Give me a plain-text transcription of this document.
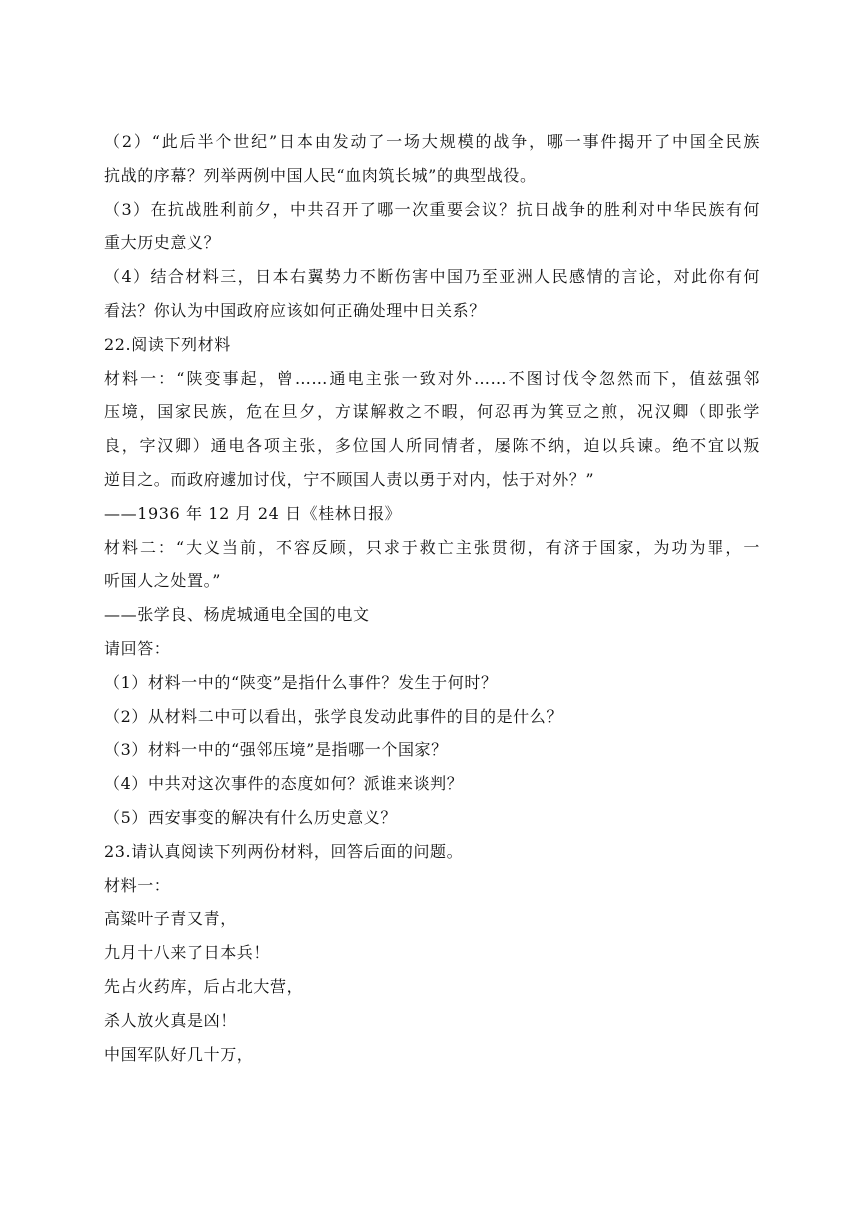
（2）“此后半个世纪”日本由发动了一场大规模的战争，哪一事件揭开了中国全民族
抗战的序幕？列举两例中国人民“血肉筑长城”的典型战役。
（3）在抗战胜利前夕，中共召开了哪一次重要会议？抗日战争的胜利对中华民族有何
重大历史意义？
（4）结合材料三，日本右翼势力不断伤害中国乃至亚洲人民感情的言论，对此你有何
看法？你认为中国政府应该如何正确处理中日关系？
22.阅读下列材料
材料一：“陕变事起，曾……通电主张一致对外……不图讨伐令忽然而下，值兹强邻
压境，国家民族，危在旦夕，方谋解救之不暇，何忍再为箕豆之煎，况汉卿（即张学
良，字汉卿）通电各项主张，多位国人所同情者，屡陈不纳，迫以兵谏。绝不宜以叛
逆目之。而政府遽加讨伐，宁不顾国人责以勇于对内，怯于对外？”
——1936 年 12 月 24 日《桂林日报》
材料二：“大义当前，不容反顾，只求于救亡主张贯彻，有济于国家，为功为罪，一
听国人之处置。”
——张学良、杨虎城通电全国的电文
请回答：
（1）材料一中的“陕变”是指什么事件？发生于何时？
（2）从材料二中可以看出，张学良发动此事件的目的是什么？
（3）材料一中的“强邻压境”是指哪一个国家？
（4）中共对这次事件的态度如何？派谁来谈判？
（5）西安事变的解决有什么历史意义？
23.请认真阅读下列两份材料，回答后面的问题。
材料一：
高粱叶子青又青，
九月十八来了日本兵！
先占火药库，后占北大营，
杀人放火真是凶！
中国军队好几十万，
